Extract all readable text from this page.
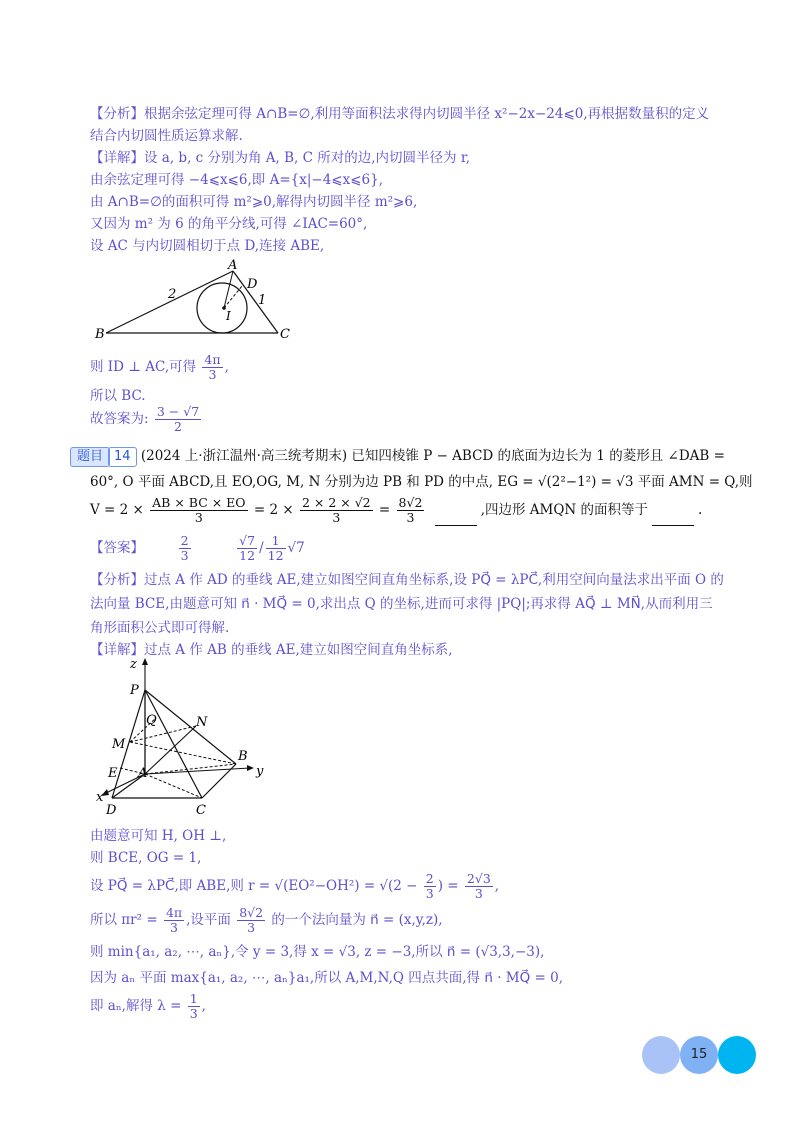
【分析】根据余弦定理可得 A∩B=∅,利用等面积法求得内切圆半径 x²−2x−24⩽0,再根据数量积的定义
结合内切圆性质运算求解.
【详解】设 a, b, c 分别为角 A, B, C 所对的边,内切圆半径为 r,
由余弦定理可得 −4⩽x⩽6,即 A={x|−4⩽x⩽6},
由 A∩B=∅的面积可得 m²⩾0,解得内切圆半径 m²⩾6,
又因为 m² 为 6 的角平分线,可得 ∠IAC=60°,
设 AC 与内切圆相切于点 D,连接 ABE,
A
B	C
D
I
2	1
则 ID ⊥ AC,可得 $\frac{4\pi}{3}$ ,
所以 BC.
故答案为: $\frac{3 - √7}{2}$
题目 14 (2024 上·浙江温州·高三统考期末) 已知四棱锥 P − ABCD 的底面为边长为 1 的菱形且 ∠DAB =
60°, O 平面 ABCD,且 EO,OG, M, N 分别为边 PB 和 PD 的中点, EG = √(2²−1²) = √3 平面 AMN = Q,则
$V = 2 \times \frac{AB \times BC \times EO}{3} = 2 \times \frac{2 \times 2 \times √2}{3} = \frac{8√2}{3}$	,四边形 AMQN 的面积等于	.
【答案】	$\frac{2}{3}$
	$\frac{√7}{12} / \frac{1}{12} √7$
【分析】过点 A 作 AD 的垂线 AE,建立如图空间直角坐标系,设 PQ⃗ = λPC⃗,利用空间向量法求出平面 O 的
法向量 BCE,由题意可知 n⃗ · MQ⃗ = 0,求出点 Q 的坐标,进而可求得 |PQ|;再求得 AQ⃗ ⊥ MN⃗,从而利用三
角形面积公式即可得解.
【详解】过点 A 作 AB 的垂线 AE,建立如图空间直角坐标系,
z
P
Q	N
M
E A
B
y
x
D	C
由题意可知 H, OH ⊥,
则 BCE, OG = 1,
设 PQ⃗ = λPC⃗,即 ABE,则 $r = √(EO^2-OH^2) = √(2 - \frac{2}{3}$ ) = $\frac{2√3}{3}$ ,
所以 $\pi r^2 = \frac{4\pi}{3}$ ,设平面 $\frac{8√2}{3}$ 的一个法向量为 n⃗ = (x,y,z),
则 min{a₁, a₂, ⋯, aₙ},令 y = 3,得 x = √3, z = −3,所以 n⃗ = (√3,3,−3),
因为 aₙ 平面 max{a₁, a₂, ⋯, aₙ}a₁,所以 A,M,N,Q 四点共面,得 n⃗ · MQ⃗ = 0,
即 aₙ,解得 $\lambda = \frac{1}{3}$ ,
15
